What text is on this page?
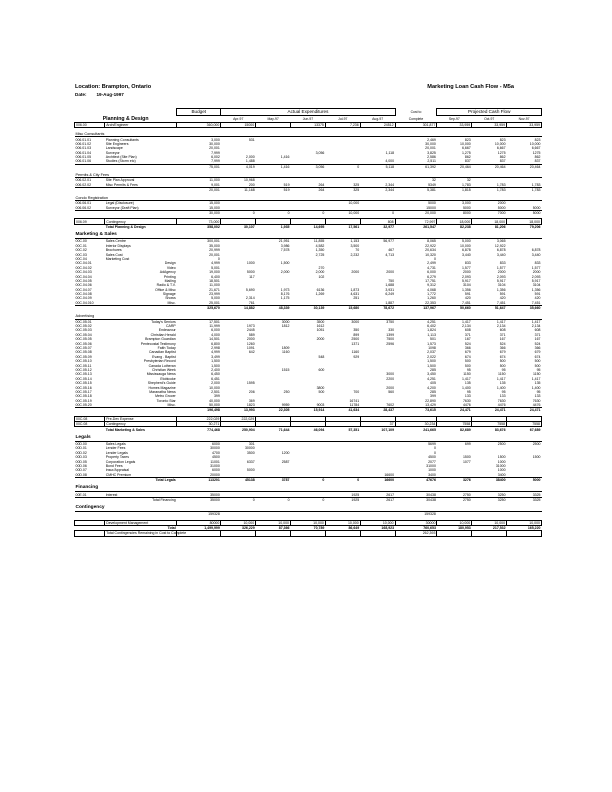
Location: Brampton, Ontario	Marketing Loan Cash Flow - M5a
Date: 19-Aug-1997
		Budget	Actual Expenditures					Cost to	Projected Cash Flow		
Planning & Design			Apr-97	May-97	Jun-97	Jul-97	Aug-97	Complete	Sep-97	Oct-97	Nov-97
006.00	Arch/Engineer	360,000	15000		13375	7,236	24512	301,877	33,959	33,959	33,959

Misc Consultants											
006.01.01	Planning Consultants	3,000	531					2,469	823	823	823
006.01.02	Site Engineers	30,000						30,000	10,000	10,000	10,000
006.01.03	Landscape	20,001						20,001	6,667	6,667	6,667
006.01.04	Surveyor	7,999			3,056		1,118	3,825	1,275	1275	1275
006.01.05	Architect (Site Plan)	6,002	2,000	1,416				2,586	862	862	862
006.01.06	Studies (Storm etc)	7,999	1,488				4,000	2,511	837	837	837
		75,001	4,019	1,416	3,056	0	5,118	61,392	20,464	20,464	20,464

Permits & City Fees											
006.02.01	Site Plan Approval	11,000	10,968					32	32		
006.02.02	Misc Permits & Fees	9,001	200	519	264	325	2,344	5349	1,783	1,783	1,783
		20,001	11,168	519	264	325	2,344	5,381	1,815	1,783	1,783

Condo Registration											
006.06.01	Legal (Disclosure)	15,000				10,000		5000	3,000	2000	
006.06.02	Surveyor (Draft Plan)	15,000						15000	5000	5000	5000
		30,000	0	0	0	10,000	0	20,000	8000	7000	5000

006.09	Contingency	73,000					808	72,997	18,000	18,000	18,000
	Total Planning & Design	358,002	30,107	1,935	14,695	17,561	32,977	261,547	82,238	81,206	79,206

Marketing & Sales											
00C.00	Sales Centre	300,001		21,951	11,855	1,153	56,977	8,065	5,000	3,065	
00C.01	Interior Displays	35,000		3,986	4,582	3,500		22,922	10,000	12,922	
00C.02	Brochures	20,999		7,578	1,350	70	467	20,634	6,878	6,878	6,878
00C.03	Sales Cost	20,001			2,725	2,232	4,713	10,320	3,440	3,440	3,440
00C.04	Marketing Cost	0						0			
00C.04.01	Design	4,999	1000	1,500				2,499	833	833	833
00C.04.02	Video	5,001			270			4,731	1,577	1,577	1,577
00C.04.03	AdAgency	19,000	5000	2,000	2,000	2000	2000	6,000	2000	2000	2000
00C.04.04	Printing	6,400	117		102			6,279	2,093	2,093	2,093
00C.04.05	Mailing	18,501					750	17,751	5,917	5,917	5,917
00C.04.06	Radio & T.V.	11,000					1,688	9,312	3104	3104	3104
00C.04.07	Office & Misc	21,671	5,690	1,973	6136	1,873	3,931	4,068	1,356	1,356	1,356
00C.04.08	Signage	23,999		8,176	1,269	4,631	6,249	1,772	591	591	591
00C.04.09	Shows	5,000	2,314	1,175		251		1,260	420	420	420
00C.04.010	Misc.	25,001	761				1,887	22,353	7,451	7,451	7,451
		325,670	14,882	48,339	30,139	15,680	78,672	137,967	50,660	51,647	35,660

Advertising											
00C.05.01	Today's Seniors	17,501		3000	3500	3000	3750	4,251	1,417	1,417	1,417
00C.05.02	CARP	11,999	1973	1812	1612			6,402	2,134	2,134	2,134
00C.05.03	Endeavour	6,000	2445		1051	350	330	1,824	608	608	608
00C.05.04	Christian Herald	4,000	589			899	1399	1,113	371	371	371
00C.05.05	Brampton Guardian	14,501	2000		2000	2500	7500	501	167	167	167
00C.05.06	Pentecostal Testimony	6,800	1260			1371	2596	1,573	524	524	524
00C.05.07	Faith Today	2,998	1091	1809				1098	366	366	366
00C.05.08	Canadian Baptist	4,999	642	1160		1160		2,037	679	679	679
00C.05.09	Evang . Baptist	3,499			548	929		2,022	674	674	674
00C.05.10	Presbyterian Record	1,500						1,500	500	500	500
00C.05.11	Canada Lutheran	1,500						1,500	500	500	500
00C.05.12	Christian Week	2,400		1515	600			285	95	95	95
00C.05.13	Mississauga News	6,450					3000	3,450	1150	1150	1150
00C.05.14	Etobicoke	6,451					2200	4,251	1,417	1,417	1,417
00C.05.15	Shepherd's Guide	2,000	1595					405	135	135	135
00C.05.16	Homes Magazine	10,000			3800		2000	4,200	1,400	1,400	1,400
00C.05.17	Maranatha News	2,501	206	250	500	700	560	285	95	95	95
00C.05.18	Metro Grocer	399						399	133	133	133
00C.05.19	Toronto Star	40,000	369			16741		22,890	7630	7630	7630
00C.05.20	Misc.	50,000	1823	9959	9003	11784	7602	13,429	4476	4476	4476
		196,498	13,993	22,305	15,914	41,634	28,437	73,615	24,471	24,471	24,471

00C.08	Pre-Dev Expense	222,029	222,029								
00C.08	Contingency	30,271					37	30,234	7558	7558	7558
	Total Marketing & Sales	774,468	250,904	71,644	46,094	57,351	107,109	241,665	82,689	83,676	67,689

Legals											
00D.00	Sales Legals	6000	301					5699	699	2500	2500
00D.01	Lender Fees	30000	30000					0			
00D.02	Lender Legals	4700	3500	1200				0			
00D.03	Property Taxes	4500						4500	1500	1500	1500
00D.05	Corporation Legals	11001	6337	2587				2077	1077	1000	
00D.06	Bond Fees	31000						31000		31000	
00D.07	Insur/Appraisal	6000	5000					1000		1000	
00D.08	CMHC Premium	20000					16600	3400		3400	
	Total Legals	113201	45138	3787	0	0	16600	47676	3276	38400	5000

Financing											
00E.01	Interest	35000				1925	2617	30438	2750	3250	3325
	Total Financing	35000	0	0	0	1925	2617	30438	2750	3250	3325

Contingency											
		159328						159328			

	Development Management	80000	10,000	10,000	10,000	10,000	10,000	30000	10,000	10,000	10,000
	Total	1,499,999	326,229	87,366	70,789	86,649	168,923	760,653	180,953	217,532	165,220
	Total Contingencies Remaining in Cost to Complete							262,393			
